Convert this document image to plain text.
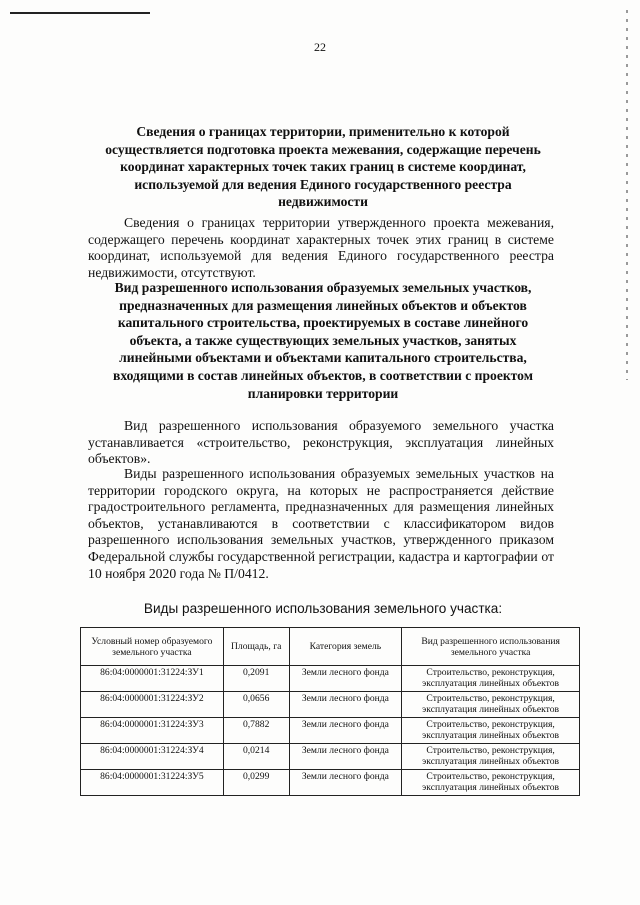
22
Сведения о границах территории, применительно к которой
осуществляется подготовка проекта межевания, содержащие перечень
координат характерных точек таких границ в системе координат,
используемой для ведения Единого государственного реестра
недвижимости

Сведения о границах территории утвержденного проекта межевания, содержащего перечень координат характерных точек этих границ в системе координат, используемой для ведения Единого государственного реестра недвижимости, отсутствуют.

Вид разрешенного использования образуемых земельных участков,
предназначенных для размещения линейных объектов и объектов
капитального строительства, проектируемых в составе линейного
объекта, а также существующих земельных участков, занятых
линейными объектами и объектами капитального строительства,
входящими в состав линейных объектов, в соответствии с проектом
планировки территории

Вид разрешенного использования образуемого земельного участка устанавливается «строительство, реконструкция, эксплуатация линейных объектов».

Виды разрешенного использования образуемых земельных участков на территории городского округа, на которых не распространяется действие градостроительного регламента, предназначенных для размещения линейных объектов, устанавливаются в соответствии с классификатором видов разрешенного использования земельных участков, утвержденного приказом Федеральной службы государственной регистрации, кадастра и картографии от 10 ноября 2020 года № П/0412.

Виды разрешенного использования земельного участка:

Условный номер образуемого земельного участка	Площадь, га	Категория земель	Вид разрешенного использования земельного участка
86:04:0000001:31224:ЗУ1	0,2091	Земли лесного фонда	Строительство, реконструкция, эксплуатация линейных объектов
86:04:0000001:31224:ЗУ2	0,0656	Земли лесного фонда	Строительство, реконструкция, эксплуатация линейных объектов
86:04:0000001:31224:ЗУ3	0,7882	Земли лесного фонда	Строительство, реконструкция, эксплуатация линейных объектов
86:04:0000001:31224:ЗУ4	0,0214	Земли лесного фонда	Строительство, реконструкция, эксплуатация линейных объектов
86:04:0000001:31224:ЗУ5	0,0299	Земли лесного фонда	Строительство, реконструкция, эксплуатация линейных объектов
